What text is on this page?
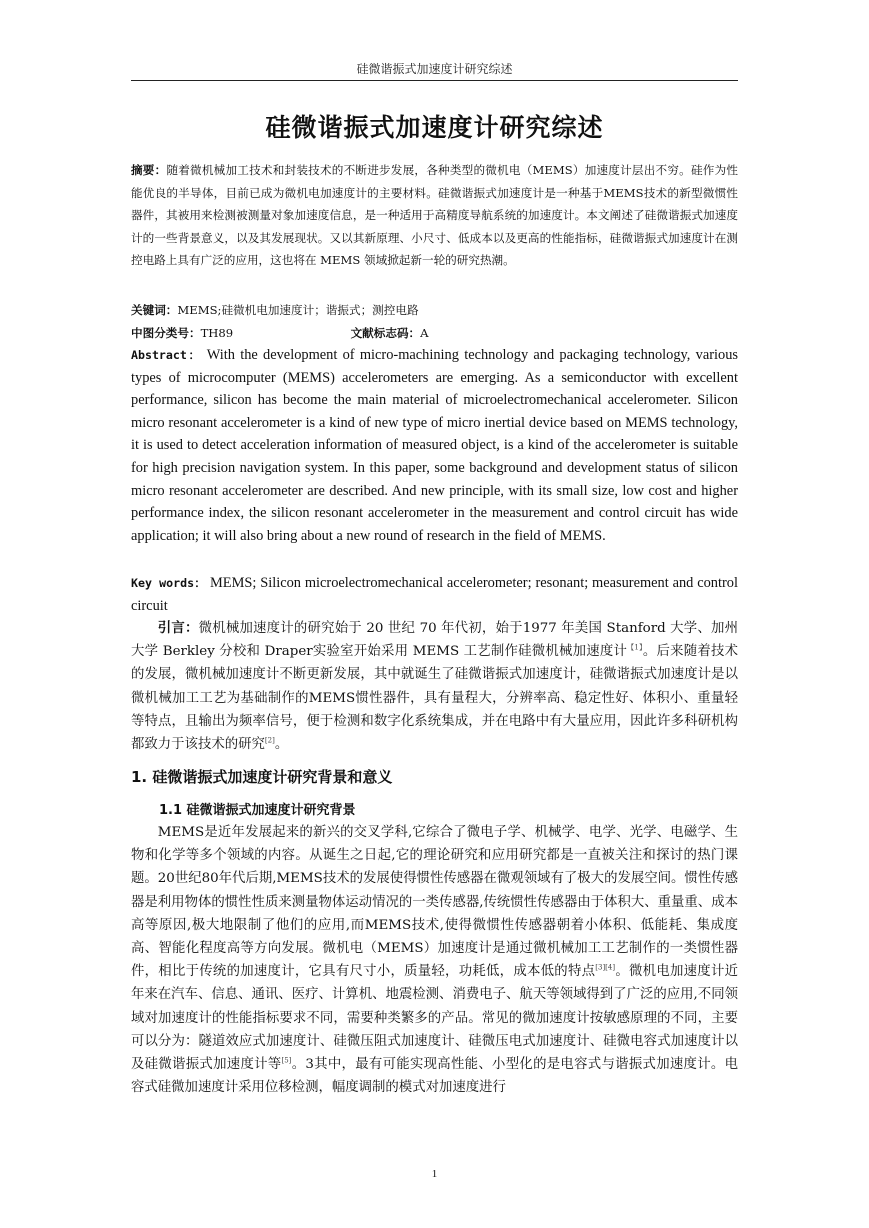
硅微谐振式加速度计研究综述
硅微谐振式加速度计研究综述
摘要：随着微机械加工技术和封装技术的不断进步发展，各种类型的微机电（MEMS）加速度计层出不穷。硅作为性能优良的半导体，目前已成为微机电加速度计的主要材料。硅微谐振式加速度计是一种基于MEMS技术的新型微惯性器件，其被用来检测被测量对象加速度信息，是一种适用于高精度导航系统的加速度计。本文阐述了硅微谐振式加速度计的一些背景意义，以及其发展现状。又以其新原理、小尺寸、低成本以及更高的性能指标，硅微谐振式加速度计在测控电路上具有广泛的应用，这也将在 MEMS 领域掀起新一轮的研究热潮。
关键词：MEMS;硅微机电加速度计；谐振式；测控电路
中图分类号：TH89	文献标志码：A
Abstract： With the development of micro-machining technology and packaging technology, various types of microcomputer (MEMS) accelerometers are emerging. As a semiconductor with excellent performance, silicon has become the main material of microelectromechanical accelerometer. Silicon micro resonant accelerometer is a kind of new type of micro inertial device based on MEMS technology, it is used to detect acceleration information of measured object, is a kind of the accelerometer is suitable for high precision navigation system. In this paper, some background and development status of silicon micro resonant accelerometer are described. And new principle, with its small size, low cost and higher performance index, the silicon resonant accelerometer in the measurement and control circuit has wide application; it will also bring about a new round of research in the field of MEMS.
Key words： MEMS; Silicon microelectromechanical accelerometer; resonant; measurement and control circuit
引言：微机械加速度计的研究始于 20 世纪 70 年代初，始于1977 年美国 Stanford 大学、加州大学 Berkley 分校和 Draper实验室开始采用 MEMS 工艺制作硅微机械加速度计$^{【1】}$。后来随着技术的发展，微机械加速度计不断更新发展，其中就诞生了硅微谐振式加速度计，硅微谐振式加速度计是以微机械加工工艺为基础制作的MEMS惯性器件，具有量程大，分辨率高、稳定性好、体积小、重量轻等特点，且输出为频率信号，便于检测和数字化系统集成，并在电路中有大量应用，因此许多科研机构都致力于该技术的研究[2]。
1. 硅微谐振式加速度计研究背景和意义
1.1 硅微谐振式加速度计研究背景
MEMS是近年发展起来的新兴的交叉学科,它综合了微电子学、机械学、电学、光学、电磁学、生物和化学等多个领域的内容。从诞生之日起,它的理论研究和应用研究都是一直被关注和探讨的热门课题。20世纪80年代后期,MEMS技术的发展使得惯性传感器在微观领域有了极大的发展空间。惯性传感器是利用物体的惯性性质来测量物体运动情况的一类传感器,传统惯性传感器由于体积大、重量重、成本高等原因,极大地限制了他们的应用,而MEMS技术,使得微惯性传感器朝着小体积、低能耗、集成度高、智能化程度高等方向发展。微机电（MEMS）加速度计是通过微机械加工工艺制作的一类惯性器件，相比于传统的加速度计，它具有尺寸小，质量轻，功耗低，成本低的特点[3][4]。微机电加速度计近年来在汽车、信息、通讯、医疗、计算机、地震检测、消费电子、航天等领域得到了广泛的应用,不同领域对加速度计的性能指标要求不同，需要种类繁多的产品。常见的微加速度计按敏感原理的不同，主要可以分为：隧道效应式加速度计、硅微压阻式加速度计、硅微压电式加速度计、硅微电容式加速度计以及硅微谐振式加速度计等[5]。3其中，最有可能实现高性能、小型化的是电容式与谐振式加速度计。电容式硅微加速度计采用位移检测，幅度调制的模式对加速度进行
1
